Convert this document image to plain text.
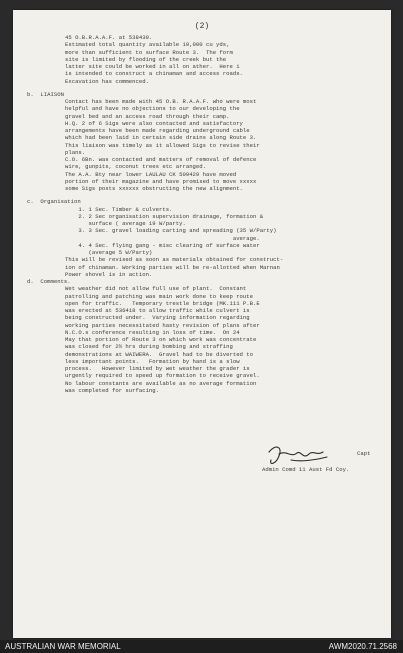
(2)
45 O.B.R.A.A.F. at 538439.
Estimated total quantity available 10,000 cu yds,
more than sufficient to surface Route 3.  The form
site is limited by flooding of the creek but the
latter site could be worked in all on ather.  Here i
is intended to construct a chinaman and access roads.
Excavation has commenced.
b.  LIAISON
Contact has been made with 45 O.B. R.A.A.F. who were most
helpful and have no objections to our developing the
gravel bed and an access road through their camp.
H.Q. 2 of 6 Sigs were also contacted and satisfactory
arrangements have been made regarding underground cable
which had been laid in certain side drains along Route 3.
This liaison was timely as it allowed Sigs to revise their
plans.
C.O. 6Bn. was contacted and matters of removal of defence
wire, gunpits, coconut trees etc arranged.
The A.A. Bty near lower LAULAU CK 509429 have moved
portion of their magazine and have promised to move xxxxx
some Sigs posts xxxxxx obstructing the new alignment.
c.  Organisation
1. 1 Sec. Timber & culverts.
2. 2 Sec organisation supervision drainage, formation &
surface ( average 19 W/party.
3. 3 Sec. gravel loading carting and spreading (35 W/Party)
average.
4. 4 Sec. flying gang - misc clearing of surface water
(average 5 W/Party)
This will be revised as soon as materials obtained for construct-
ion of chinaman. Working parties will be re-allotted when Marnan
Power shovel is in action.
d.  Comments.
Wet weather did not allow full use of plant.  Constant
patrolling and patching was main work done to keep route
open for traffic.   Temporary trestle bridge (MK.111 P.B.E
was erected at 536418 to allow traffic while culvert is
being constructed under.  Varying information regarding
working parties necessitated hasty revision of plans after
N.C.O.s conference resulting in loss of time.  On 24
May that portion of Route 3 on which work was concentrate
was closed for 2½ hrs during bombing and straffing
demonstrations at WAIWERA.  Gravel had to be diverted to
less important points.   Formation by hand is a slow
process.   However limited by wet weather the grader is
urgently required to speed up formation to receive gravel.
No labour constants are available as no average formation
was completed for surfacing.
Capt
Admin Comd 11 Aust Fd Coy.
AUSTRALIAN WAR MEMORIAL	AWM2020.71.2568
